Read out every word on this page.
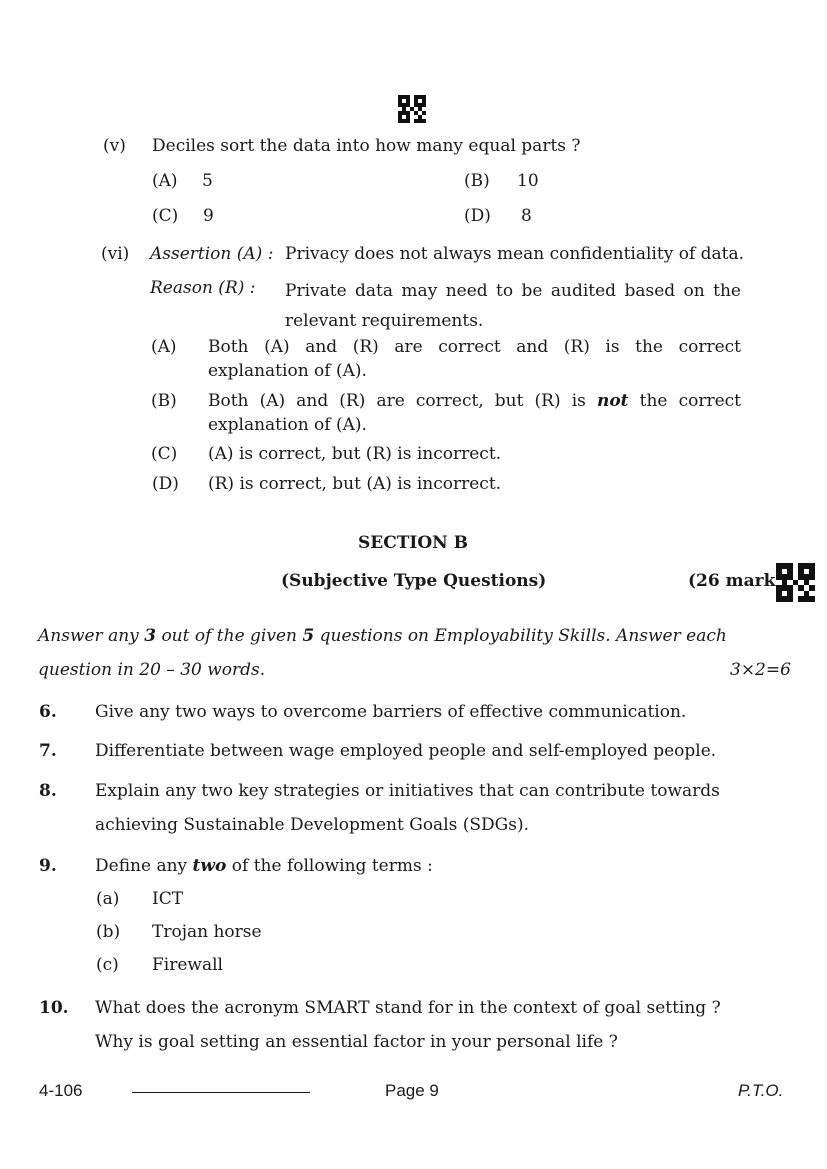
(v) Deciles sort the data into how many equal parts ?
(A) 5	(B) 10
(C) 9	(D) 8
(vi) Assertion (A) : Privacy does not always mean confidentiality of data.
Reason (R) : Private data may need to be audited based on the relevant requirements.
(A) Both (A) and (R) are correct and (R) is the correct explanation of (A).
(B) Both (A) and (R) are correct, but (R) is not the correct explanation of (A).
(C) (A) is correct, but (R) is incorrect.
(D) (R) is correct, but (A) is incorrect.
SECTION B
(Subjective Type Questions)	(26 mark
Answer any 3 out of the given 5 questions on Employability Skills. Answer each
question in 20 – 30 words.	3×2=6
6. Give any two ways to overcome barriers of effective communication.
7. Differentiate between wage employed people and self-employed people.
8. Explain any two key strategies or initiatives that can contribute towards
achieving Sustainable Development Goals (SDGs).
9. Define any two of the following terms :
(a) ICT
(b) Trojan horse
(c) Firewall
10. What does the acronym SMART stand for in the context of goal setting ?
Why is goal setting an essential factor in your personal life ?
4-106	Page 9	P.T.O.
